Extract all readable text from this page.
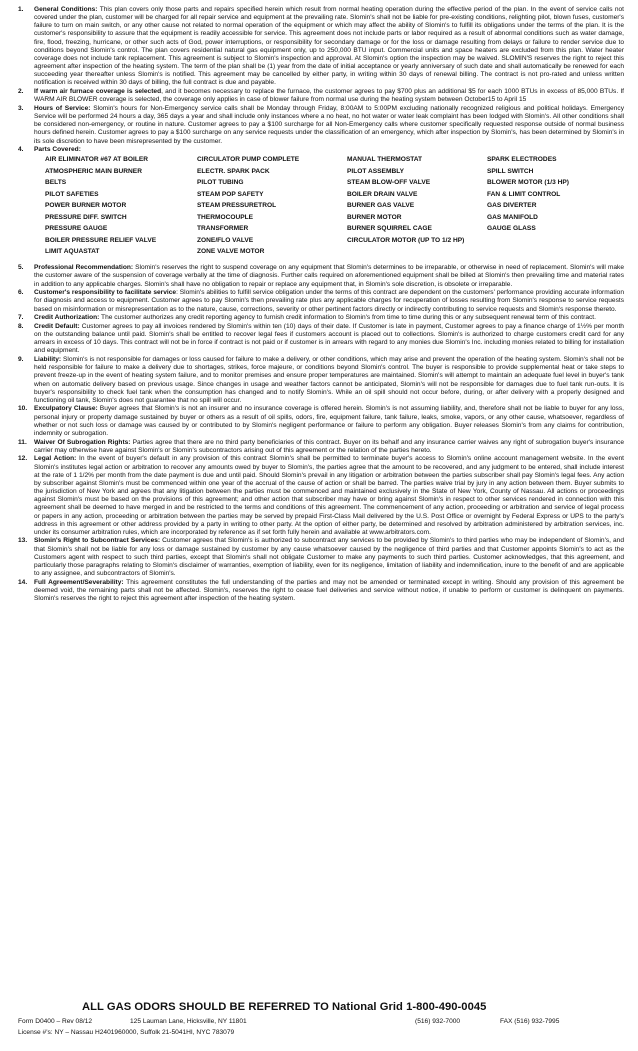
1. General Conditions: This plan covers only those parts and repairs specified herein which result from normal heating operation during the effective period of the plan. In the event of service calls not covered under the plan, customer will be charged for all repair service and equipment at the prevailing rate. Slomin's shall not be liable for pre-existing conditions, relighting pilot, blown fuses, customer's failure to turn on main switch, or any other cause not related to normal operation of the equipment or which may affect the ability of Slomin's to fulfill its obligations under the terms of the plan. It is the customer's responsibility to assure that the equipment is readily accessible for service. This agreement does not include parts or labor required as a result of abnormal conditions such as water damage, fire, flood, freezing, hurricane, or other such acts of God, power interruptions, or responsibility for secondary damage or for the loss or damage resulting from delays or failure to render service due to conditions beyond Slomin's control. The plan covers residential natural gas equipment only, up to 250,000 BTU input. Commercial units and space heaters are excluded from this plan. Water heater coverage does not include tank replacement. This agreement is subject to Slomin's inspection and approval. At Slomin's option the inspection may be waived. SLOMIN'S reserves the right to reject this agreement after inspection of the heating system. The term of the plan shall be (1) year from the date of initial acceptance or yearly anniversary of such date and shall automatically be renewed for each succeeding year thereafter unless Slomin's is notified. This agreement may be cancelled by either party, in writing within 30 days of renewal billing. The contract is not pro-rated and unless written notification is received within 30 days of billing, the full contract is due and payable.
2. If warm air furnace coverage is selected, and it becomes necessary to replace the furnace, the customer agrees to pay $700 plus an additional $5 for each 1000 BTUs in excess of 85,000 BTUs. If WARM AIR BLOWER coverage is selected, the coverage only applies in case of blower failure from normal use during the heating system between October15 to April 15
3. Hours of Service: Slomin's hours for Non-Emergency service calls shall be Monday through Friday, 8:00AM to 5:00PM excluding nationally recognized religious and political holidays. Emergency Service will be performed 24 hours a day, 365 days a year and shall include only instances where a no heat, no hot water or water leak complaint has been lodged with Slomin's. All other conditions shall be considered non-emergency, or routine in nature. Customer agrees to pay a $100 surcharge for all Non-Emergency calls where customer specifically requested response outside of normal business hours defined herein. Customer agrees to pay a $100 surcharge on any service requests under the classification of an emergency, which after inspection by Slomin's, has been determined by Slomin's in its sole discretion to have been misrepresented by the customer.
4. Parts Covered:
AIR ELIMINATOR #67 AT BOILER	CIRCULATOR PUMP COMPLETE	MANUAL THERMOSTAT	SPARK ELECTRODES
ATMOSPHERIC MAIN BURNER	ELECTR. SPARK PACK	PILOT ASSEMBLY	SPILL SWITCH
BELTS	PILOT TUBING	STEAM BLOW-OFF VALVE	BLOWER MOTOR (1/3 HP)
PILOT SAFETIES	STEAM POP SAFETY	BOILER DRAIN VALVE	FAN & LIMIT CONTROL
POWER BURNER MOTOR	STEAM PRESSURETROL	BURNER GAS VALVE	GAS DIVERTER
PRESSURE DIFF. SWITCH	THERMOCOUPLE	BURNER MOTOR	GAS MANIFOLD
PRESSURE GAUGE	TRANSFORMER	BURNER SQUIRREL CAGE	GAUGE GLASS
BOILER PRESSURE RELIEF VALVE	ZONE/FLO VALVE	CIRCULATOR MOTOR (UP TO 1/2 HP)	
LIMIT AQUASTAT	ZONE VALVE MOTOR		
5. Professional Recommendation: Slomin's reserves the right to suspend coverage on any equipment that Slomin's determines to be irreparable, or otherwise in need of replacement. Slomin's will make the customer aware of the suspension of coverage verbally at the time of diagnosis. Further calls required on aforementioned equipment shall be billed at Slomin's then prevailing time and material rates in addition to any applicable charges. Slomin's shall have no obligation to repair or replace any equipment that, in Slomin's sole discretion, is obsolete or irreparable.
6. Customer's responsibility to facilitate service: Slomin's abilities to fulfill service obligation under the terms of this contract are dependent on the customers' performance providing accurate information for diagnosis and access to equipment. Customer agrees to pay Slomin's then prevailing rate plus any applicable charges for recuperation of losses resulting from Slomin's response to service requests based on misinformation or misrepresentation as to the nature, cause, corrections, severity or other pertinent factors directly or indirectly contributing to service requests and Slomin's response thereto.
7. Credit Authorization: The customer authorizes any credit reporting agency to furnish credit information to Slomin's from time to time during this or any subsequent renewal term of this contract.
8. Credit Default: Customer agrees to pay all invoices rendered by Slomin's within ten (10) days of their date. If Customer is late in payment, Customer agrees to pay a finance charge of 1½% per month on the outstanding balance until paid. Slomin's shall be entitled to recover legal fees if customers account is placed out to collections. Slomin's is authorized to charge customers credit card for any arrears in excess of 10 days. This contract will not be in force if contract is not paid or if customer is in arrears with regard to any monies due Slomin's Inc. including monies related to billing for installation and equipment.
9. Liability: Slomin's is not responsible for damages or loss caused for failure to make a delivery, or other conditions, which may arise and prevent the operation of the heating system. Slomin's shall not be held responsible for failure to make a delivery due to shortages, strikes, force majeure, or conditions beyond Slomin's control. The buyer is responsible to provide supplemental heat or take steps to prevent freeze-up in the event of heating system failure, and to monitor premises and ensure proper temperatures are maintained. Slomin's will attempt to maintain an adequate fuel level in buyer's tank when on automatic delivery based on previous usage. Since changes in usage and weather factors cannot be anticipated, Slomin's will not be responsible for damages due to fuel tank run-outs. It is buyer's responsibility to check fuel tank when the consumption has changed and to notify Slomin's. While an oil spill should not occur before, during, or after delivery with a properly designed and functioning oil tank, Slomin's does not guarantee that no spill will occur.
10. Exculpatory Clause: Buyer agrees that Slomin's is not an insurer and no insurance coverage is offered herein. Slomin's is not assuming liability, and, therefore shall not be liable to buyer for any loss, personal injury or property damage sustained by buyer or others as a result of oil spills, odors, fire, equipment failure, tank failure, leaks, smoke, vapors, or any other cause, whatsoever, regardless of whether or not such loss or damage was caused by or contributed to by Slomin's negligent performance or failure to perform any obligation. Buyer releases Slomin's from any claims for contribution, indemnity or subrogation.
11. Waiver Of Subrogation Rights: Parties agree that there are no third party beneficiaries of this contract. Buyer on its behalf and any insurance carrier waives any right of subrogation buyer's insurance carrier may otherwise have against Slomin's or Slomin's subcontractors arising out of this agreement or the relation of the parties hereto.
12. Legal Action: In the event of buyer's default in any provision of this contract Slomin's shall be permitted to terminate buyer's access to Slomin's online account management website. In the event Slomin's institutes legal action or arbitration to recover any amounts owed by buyer to Slomin's, the parties agree that the amount to be recovered, and any judgment to be entered, shall include interest at the rate of 1 1/2% per month from the date payment is due and until paid. Should Slomin's prevail in any litigation or arbitration between the parties subscriber shall pay Slomin's legal fees. Any action by subscriber against Slomin's must be commenced within one year of the accrual of the cause of action or shall be barred. The parties waive trial by jury in any action between them. Buyer submits to the jurisdiction of New York and agrees that any litigation between the parties must be commenced and maintained exclusively in the State of New York, County of Nassau. All actions or proceedings against Slomin's must be based on the provisions of this agreement; and other action that subscriber may have or bring against Slomin's in respect to other services rendered in connection with this agreement shall be deemed to have merged in and be restricted to the terms and conditions of this agreement. The commencement of any action, proceeding or arbitration and service of legal process or papers in any action, proceeding or arbitration between the parties may be served by prepaid First-Class Mail delivered by the U.S. Post Office or overnight by Federal Express or UPS to the party's address in this agreement or other address provided by a party in writing to other party. At the option of either party, be determined and resolved by arbitration administered by arbitration services, inc. under its consumer arbitration rules, which are incorporated by reference as if set forth fully herein and available at www.arbitrators.com.
13. Slomin's Right to Subcontract Services: Customer agrees that Slomin's is authorized to subcontract any services to be provided by Slomin's to third parties who may be independent of Slomin's, and that Slomin's shall not be liable for any loss or damage sustained by customer by any cause whatsoever caused by the negligence of third parties and that Customer appoints Slomin's to act as the Customers agent with respect to such third parties, except that Slomin's shall not obligate Customer to make any payments to such third parties. Customer acknowledges, that this agreement, and particularly those paragraphs relating to Slomin's disclaimer of warranties, exemption of liability, even for its negligence, limitation of liability and indemnification, inure to the benefit of and are applicable to any assignee, and subcontractors of Slomin's.
14. Full Agreement/Severability: This agreement constitutes the full understanding of the parties and may not be amended or terminated except in writing. Should any provision of this agreement be deemed void, the remaining parts shall not be affected. Slomin's, reserves the right to cease fuel deliveries and service without notice, if unable to perform or customer is delinquent on payments. Slomin's reserves the right to reject this agreement after inspection of the heating system.
ALL GAS ODORS SHOULD BE REFERRED TO National Grid 1-800-490-0045
Form D0400 – Rev 08/12	125 Lauman Lane, Hicksville, NY 11801	(516) 932-7000	FAX (516) 932-7995
License #'s: NY – Nassau H2401960000, Suffolk 21-5041HI, NYC 783079
